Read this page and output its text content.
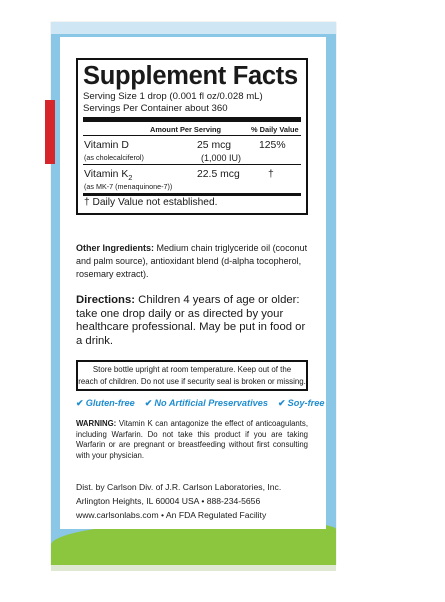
Supplement Facts
Serving Size 1 drop (0.001 fl oz/0.028 mL)
Servings Per Container about 360
Amount Per Serving	% Daily Value
Vitamin D
(as cholecalciferol)
25 mcg
(1,000 IU)
125%
Vitamin $K_2$
(as MK-7 (menaquinone-7))
22.5 mcg	†
† Daily Value not established.
Other Ingredients: Medium chain triglyceride oil (coconut and palm source), antioxidant blend (d-alpha tocopherol, rosemary extract).
Directions: Children 4 years of age or older: take one drop daily or as directed by your healthcare professional. May be put in food or a drink.
Store bottle upright at room temperature. Keep out of the
reach of children. Do not use if security seal is broken or missing.
✔ Gluten-free ✔ No Artificial Preservatives ✔ Soy-free
WARNING: Vitamin K can antagonize the effect of anticoagulants, including Warfarin. Do not take this product if you are taking Warfarin or are pregnant or breastfeeding without first consulting with your physician.
Dist. by Carlson Div. of J.R. Carlson Laboratories, Inc.
Arlington Heights, IL 60004 USA • 888-234-5656
www.carlsonlabs.com • An FDA Regulated Facility
